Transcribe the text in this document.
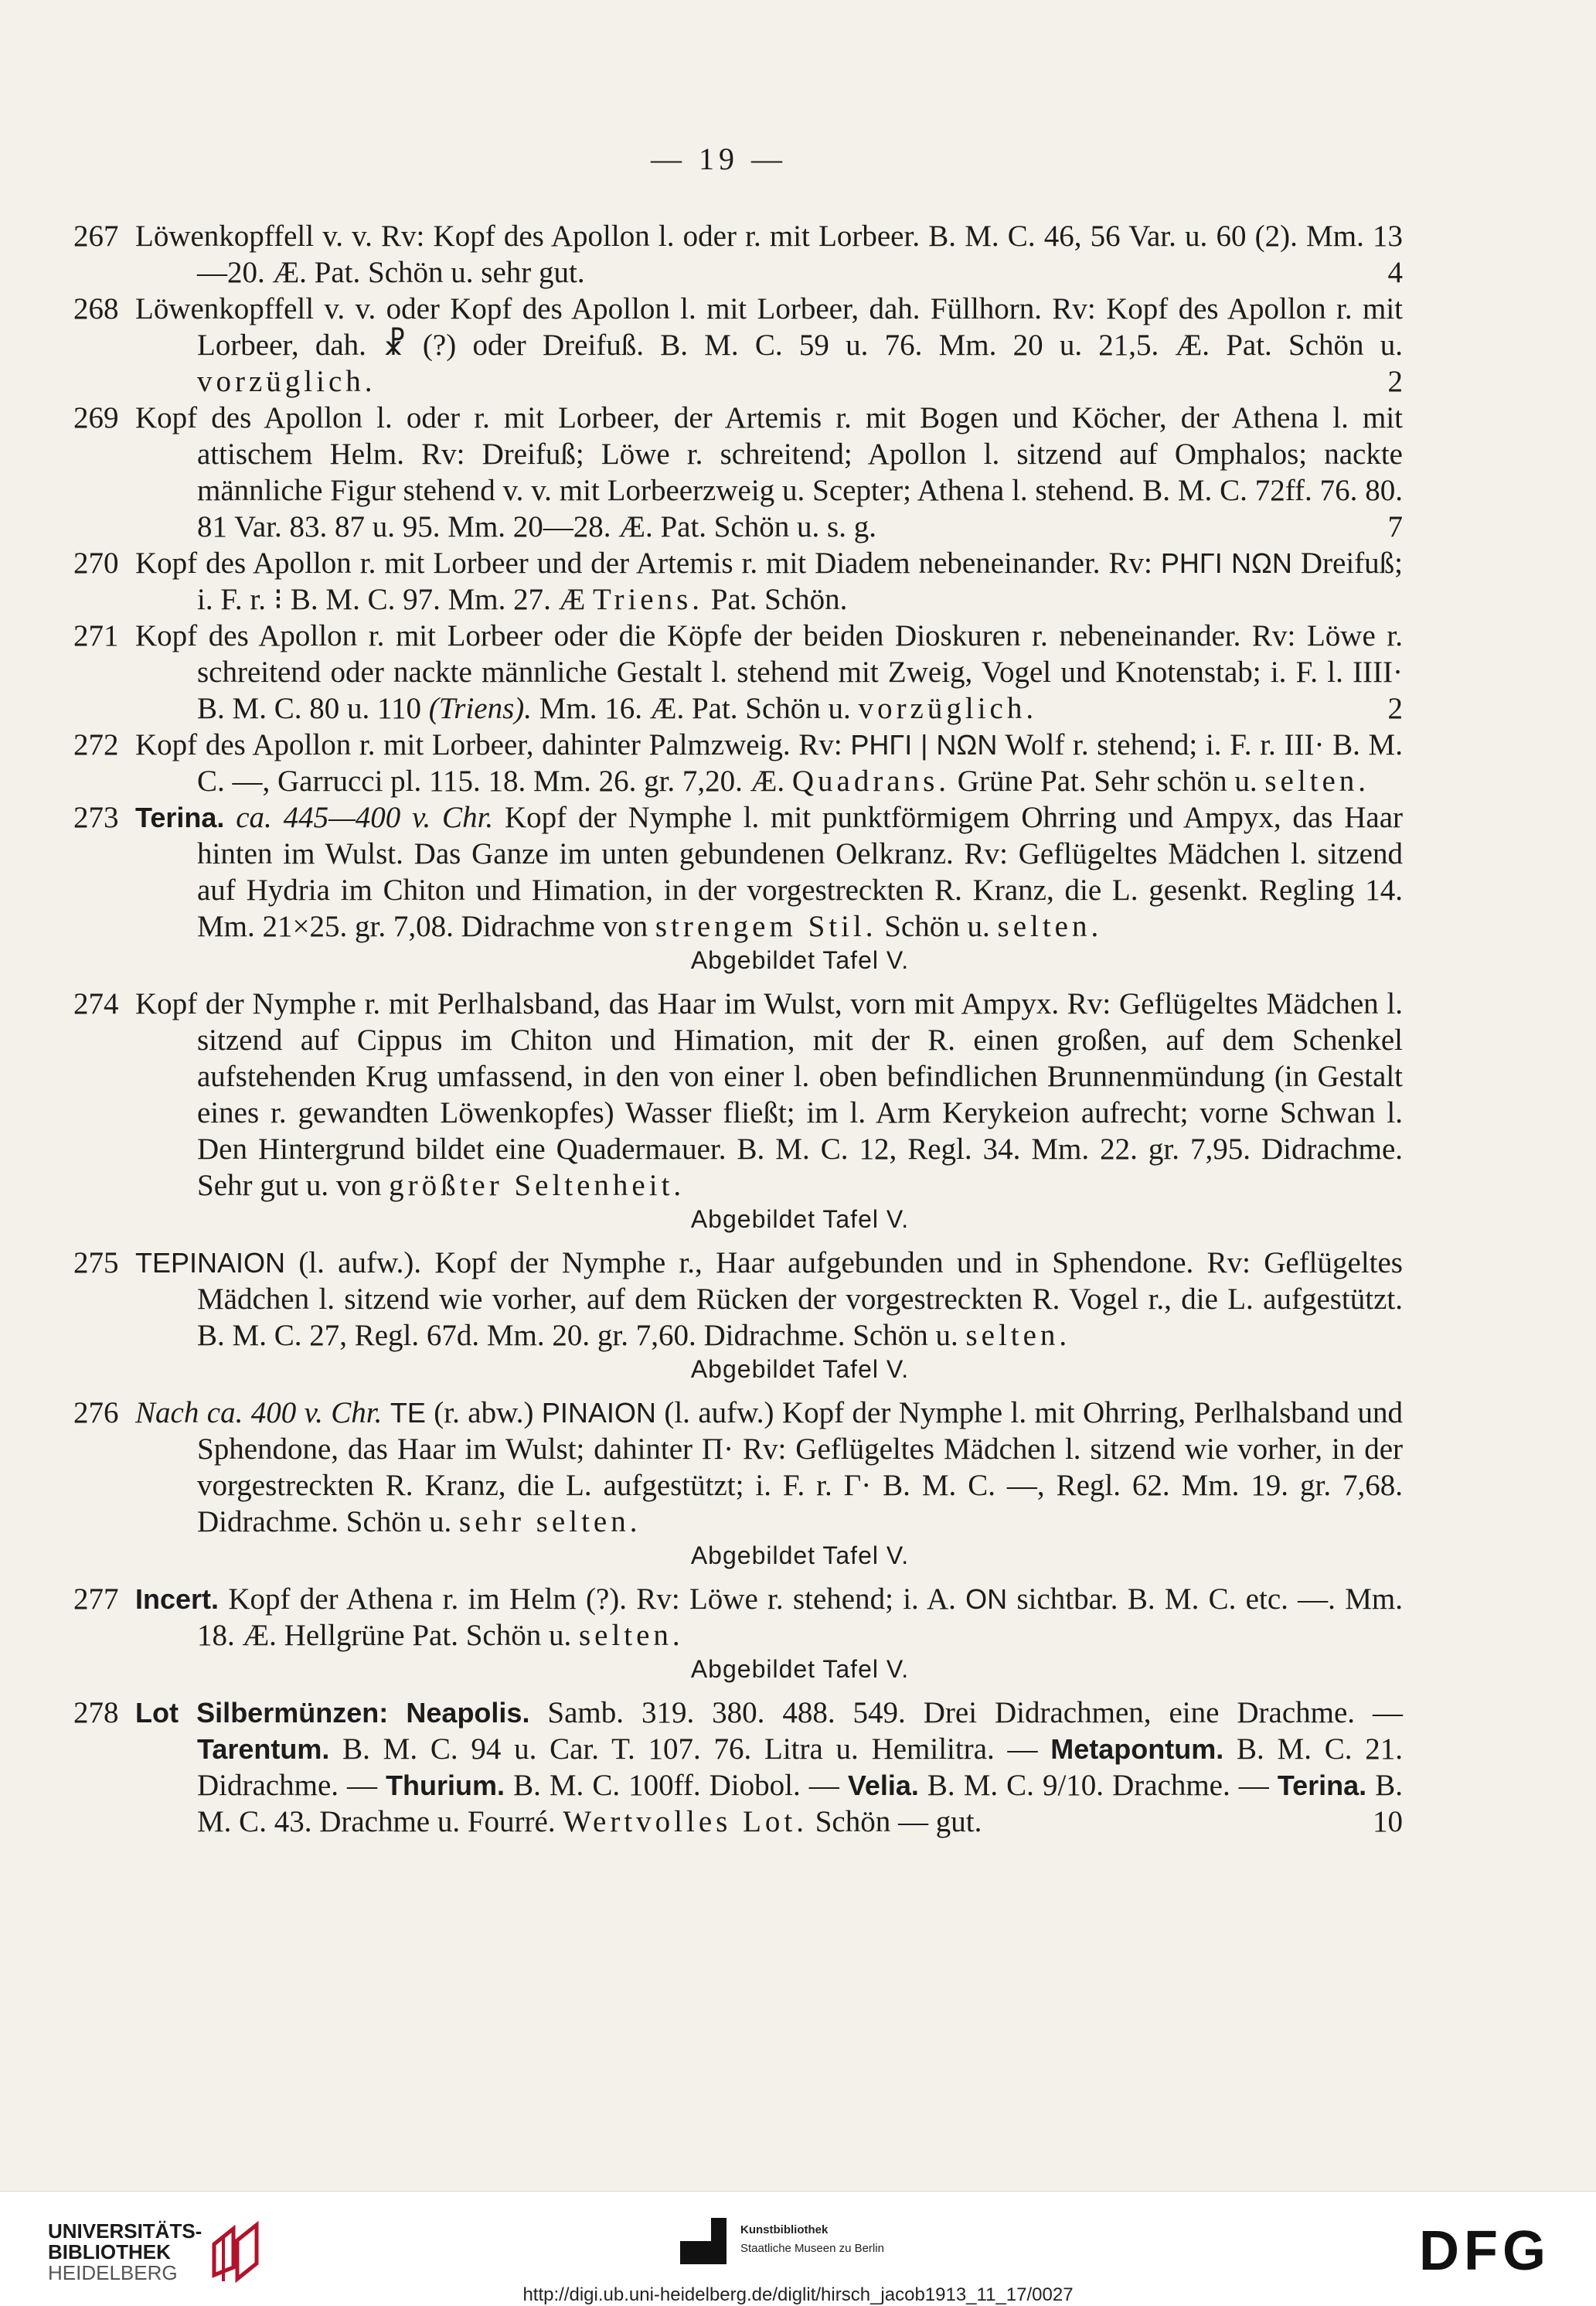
— 19 —
267 Löwenkopffell v. v. Rv: Kopf des Apollon l. oder r. mit Lorbeer. B. M. C. 46, 56 Var. u. 60 (2). Mm. 13—20. Æ. Pat. Schön u. sehr gut.	4
268 Löwenkopffell v. v. oder Kopf des Apollon l. mit Lorbeer, dah. Füllhorn. Rv: Kopf des Apollon r. mit Lorbeer, dah. ☧ (?) oder Dreifuß. B. M. C. 59 u. 76. Mm. 20 u. 21,5. Æ. Pat. Schön u. vorzüglich.	2
269 Kopf des Apollon l. oder r. mit Lorbeer, der Artemis r. mit Bogen und Köcher, der Athena l. mit attischem Helm. Rv: Dreifuß; Löwe r. schreitend; Apollon l. sitzend auf Omphalos; nackte männliche Figur stehend v. v. mit Lorbeerzweig u. Scepter; Athena l. stehend. B. M. C. 72ff. 76. 80. 81 Var. 83. 87 u. 95. Mm. 20—28. Æ. Pat. Schön u. s. g.	7
270 Kopf des Apollon r. mit Lorbeer und der Artemis r. mit Diadem nebeneinander. Rv: PHΓI NΩN Dreifuß; i. F. r. ⁝ B. M. C. 97. Mm. 27. Æ Triens. Pat. Schön.
271 Kopf des Apollon r. mit Lorbeer oder die Köpfe der beiden Dioskuren r. nebeneinander. Rv: Löwe r. schreitend oder nackte männliche Gestalt l. stehend mit Zweig, Vogel und Knotenstab; i. F. l. IIII· B. M. C. 80 u. 110 (Triens). Mm. 16. Æ. Pat. Schön u. vorzüglich.	2
272 Kopf des Apollon r. mit Lorbeer, dahinter Palmzweig. Rv: PHΓI | NΩN Wolf r. stehend; i. F. r. III· B. M. C. —, Garrucci pl. 115. 18. Mm. 26. gr. 7,20. Æ. Quadrans. Grüne Pat. Sehr schön u. selten.
273 Terina. ca. 445—400 v. Chr. Kopf der Nymphe l. mit punktförmigem Ohrring und Ampyx, das Haar hinten im Wulst. Das Ganze im unten gebundenen Oelkranz. Rv: Geflügeltes Mädchen l. sitzend auf Hydria im Chiton und Himation, in der vorgestreckten R. Kranz, die L. gesenkt. Regling 14. Mm. 21×25. gr. 7,08. Didrachme von strengem Stil. Schön u. selten.
Abgebildet Tafel V.
274 Kopf der Nymphe r. mit Perlhalsband, das Haar im Wulst, vorn mit Ampyx. Rv: Geflügeltes Mädchen l. sitzend auf Cippus im Chiton und Himation, mit der R. einen großen, auf dem Schenkel aufstehenden Krug umfassend, in den von einer l. oben befindlichen Brunnenmündung (in Gestalt eines r. gewandten Löwenkopfes) Wasser fließt; im l. Arm Kerykeion aufrecht; vorne Schwan l. Den Hintergrund bildet eine Quadermauer. B. M. C. 12, Regl. 34. Mm. 22. gr. 7,95. Didrachme. Sehr gut u. von größter Seltenheit.
Abgebildet Tafel V.
275 TEPINAION (l. aufw.). Kopf der Nymphe r., Haar aufgebunden und in Sphendone. Rv: Geflügeltes Mädchen l. sitzend wie vorher, auf dem Rücken der vorgestreckten R. Vogel r., die L. aufgestützt. B. M. C. 27, Regl. 67d. Mm. 20. gr. 7,60. Didrachme. Schön u. selten.
Abgebildet Tafel V.
276 Nach ca. 400 v. Chr. TE (r. abw.) PINAION (l. aufw.) Kopf der Nymphe l. mit Ohrring, Perlhalsband und Sphendone, das Haar im Wulst; dahinter Π· Rv: Geflügeltes Mädchen l. sitzend wie vorher, in der vorgestreckten R. Kranz, die L. aufgestützt; i. F. r. Γ· B. M. C. —, Regl. 62. Mm. 19. gr. 7,68. Didrachme. Schön u. sehr selten.
Abgebildet Tafel V.
277 Incert. Kopf der Athena r. im Helm (?). Rv: Löwe r. stehend; i. A. ON sichtbar. B. M. C. etc. —. Mm. 18. Æ. Hellgrüne Pat. Schön u. selten.
Abgebildet Tafel V.
278 Lot Silbermünzen: Neapolis. Samb. 319. 380. 488. 549. Drei Didrachmen, eine Drachme. — Tarentum. B. M. C. 94 u. Car. T. 107. 76. Litra u. Hemilitra. — Metapontum. B. M. C. 21. Didrachme. — Thurium. B. M. C. 100ff. Diobol. — Velia. B. M. C. 9/10. Drachme. — Terina. B. M. C. 43. Drachme u. Fourré. Wertvolles Lot. Schön — gut.	10
UNIVERSITÄTS-
BIBLIOTHEK
HEIDELBERG
Kunstbibliothek
Staatliche Museen zu Berlin	DFG
http://digi.ub.uni-heidelberg.de/diglit/hirsch_jacob1913_11_17/0027
